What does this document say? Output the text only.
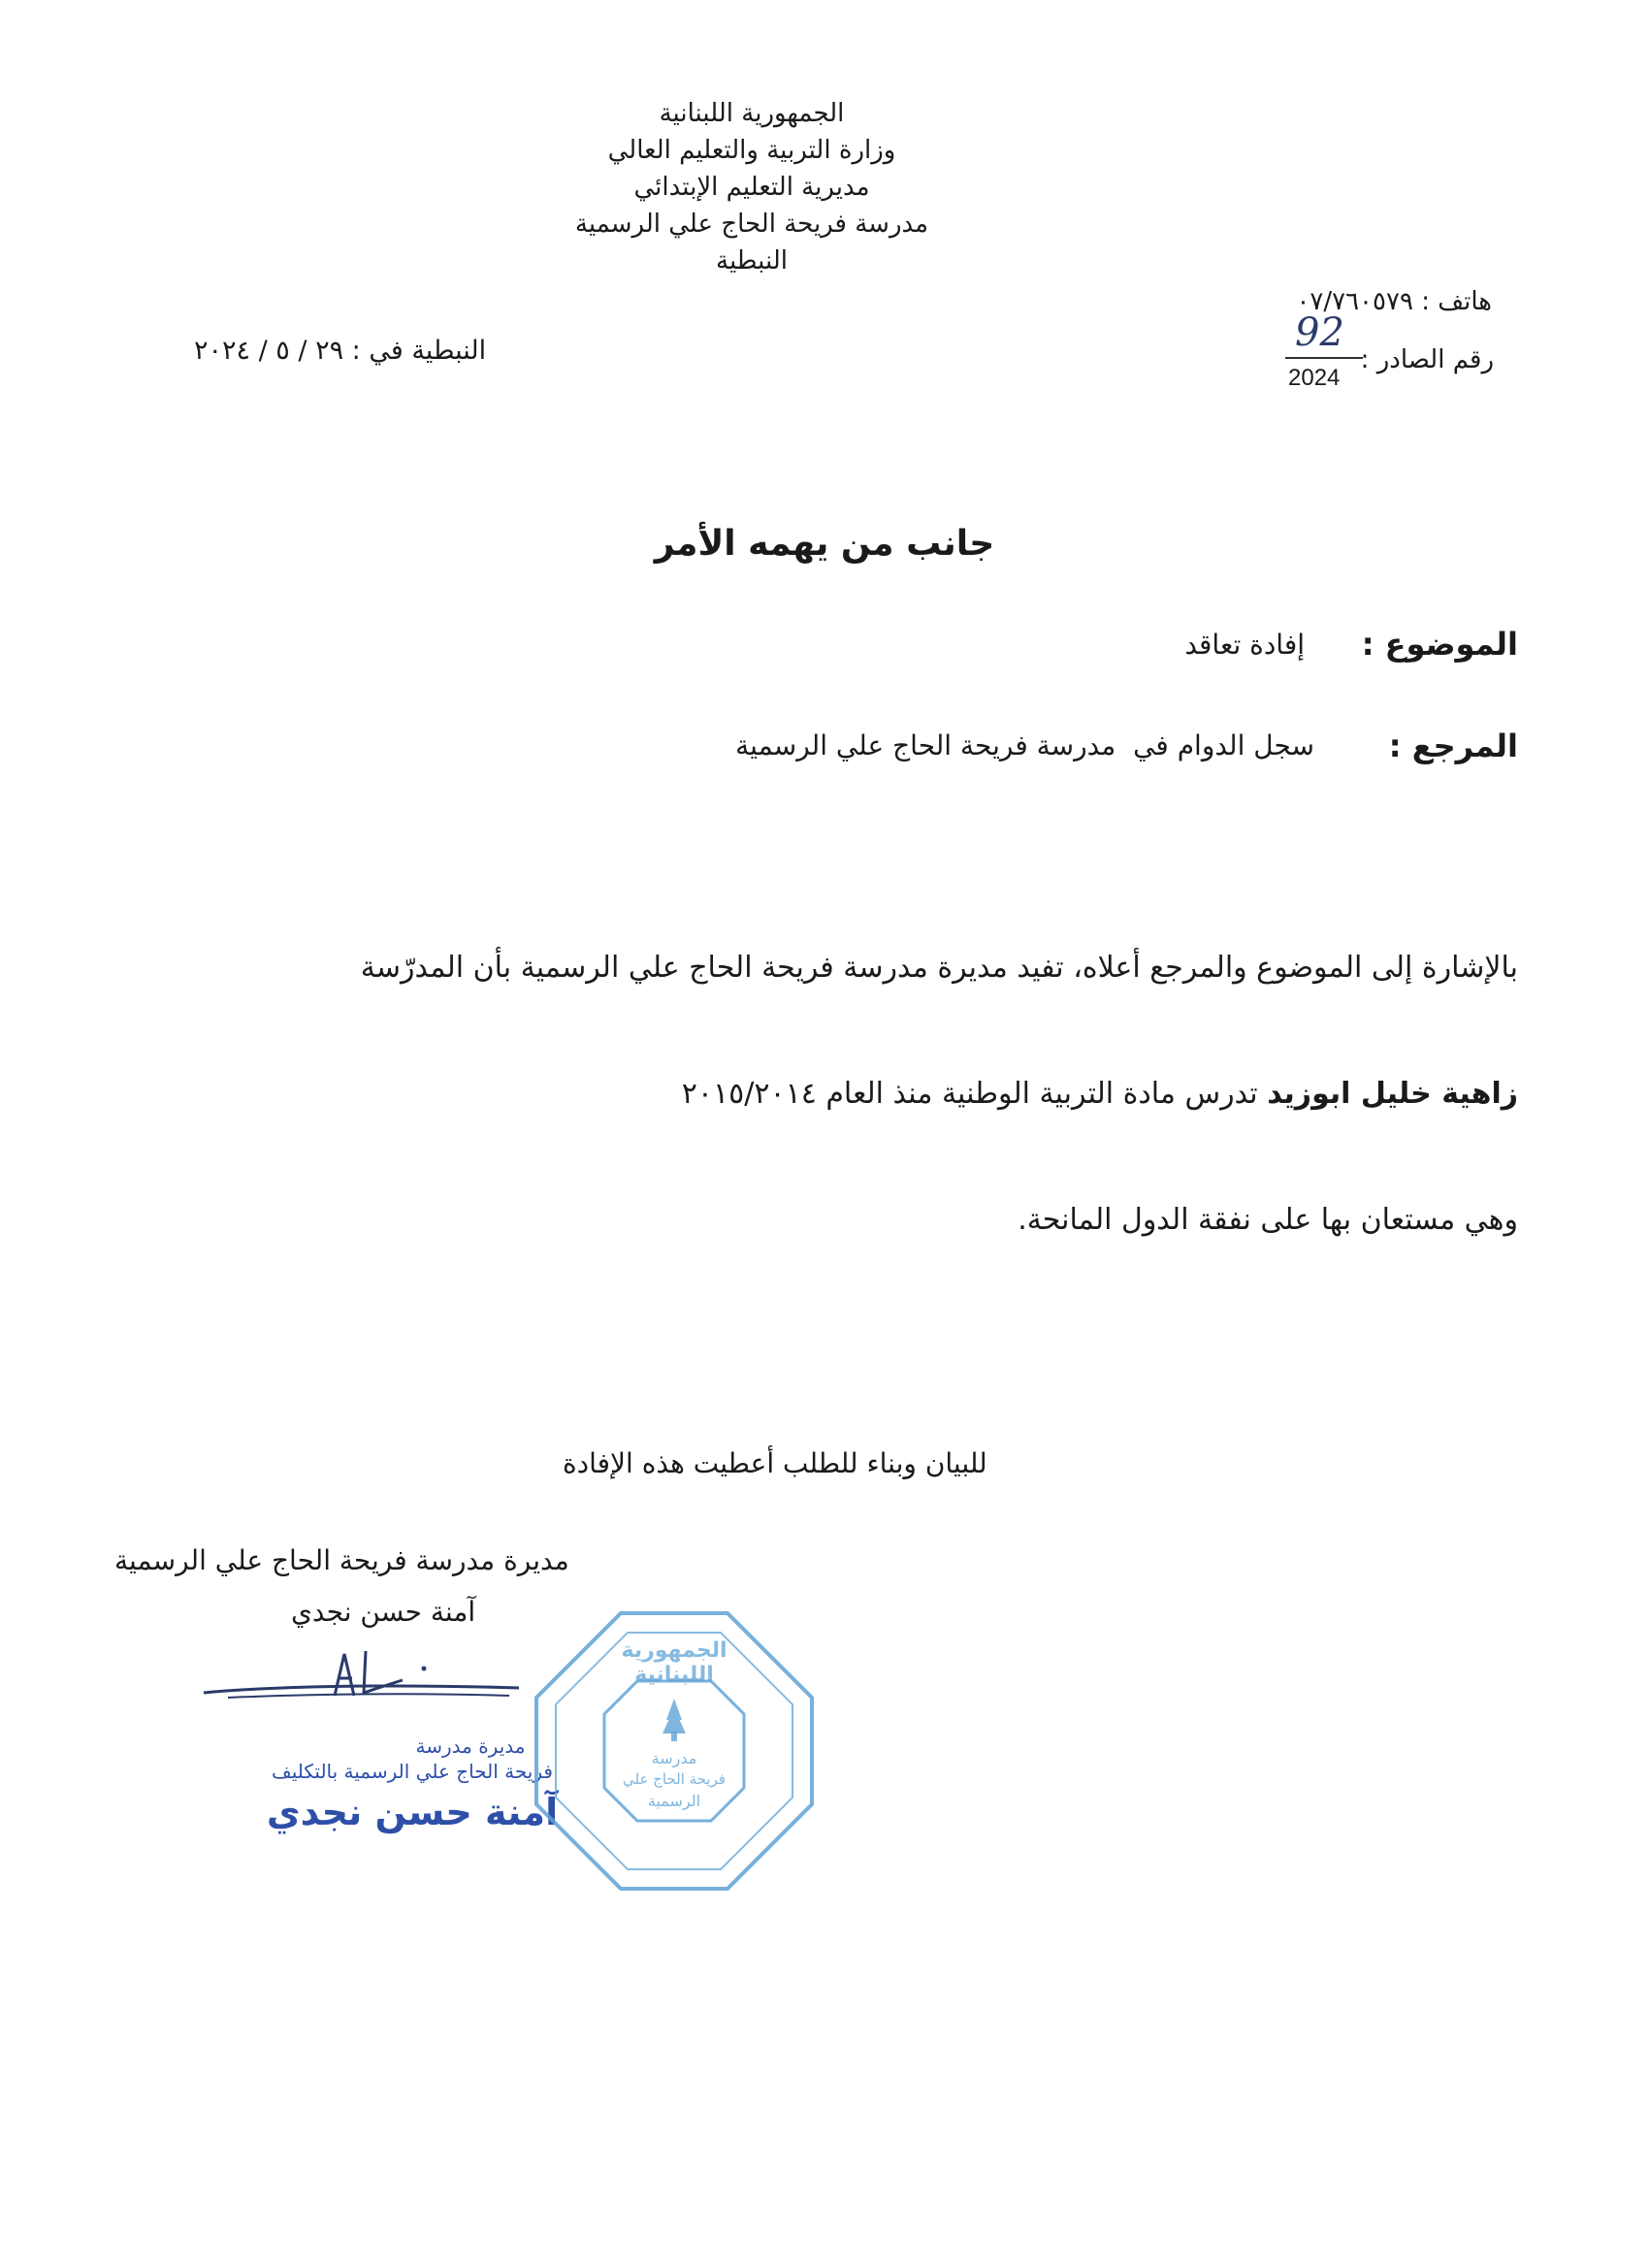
الجمهورية اللبنانية
وزارة التربية والتعليم العالي
مديرية التعليم الإبتدائي
مدرسة فريحة الحاج علي الرسمية
النبطية
هاتف : ٠٧/٧٦٠٥٧٩
رقم الصادر :
92
2024
النبطية في : ٢٩ / ٥ / ٢٠٢٤
جانب من يهمه الأمر
الموضوع :
إفادة تعاقد
المرجع :
سجل الدوام في  مدرسة فريحة الحاج علي الرسمية
بالإشارة إلى الموضوع والمرجع أعلاه، تفيد مديرة مدرسة فريحة الحاج علي الرسمية بأن المدرّسة
زاهية خليل ابوزيد تدرس مادة التربية الوطنية منذ العام ٢٠١٥/٢٠١٤
وهي مستعان بها على نفقة الدول المانحة.
للبيان وبناء للطلب أعطيت هذه الإفادة
مديرة مدرسة فريحة الحاج علي الرسمية
آمنة حسن نجدي
مديرة مدرسة
فريحة الحاج علي الرسمية بالتكليف
آمنة حسن نجدي
الجمهورية اللبنانية
مدرسة
فريحة الحاج علي
الرسمية
